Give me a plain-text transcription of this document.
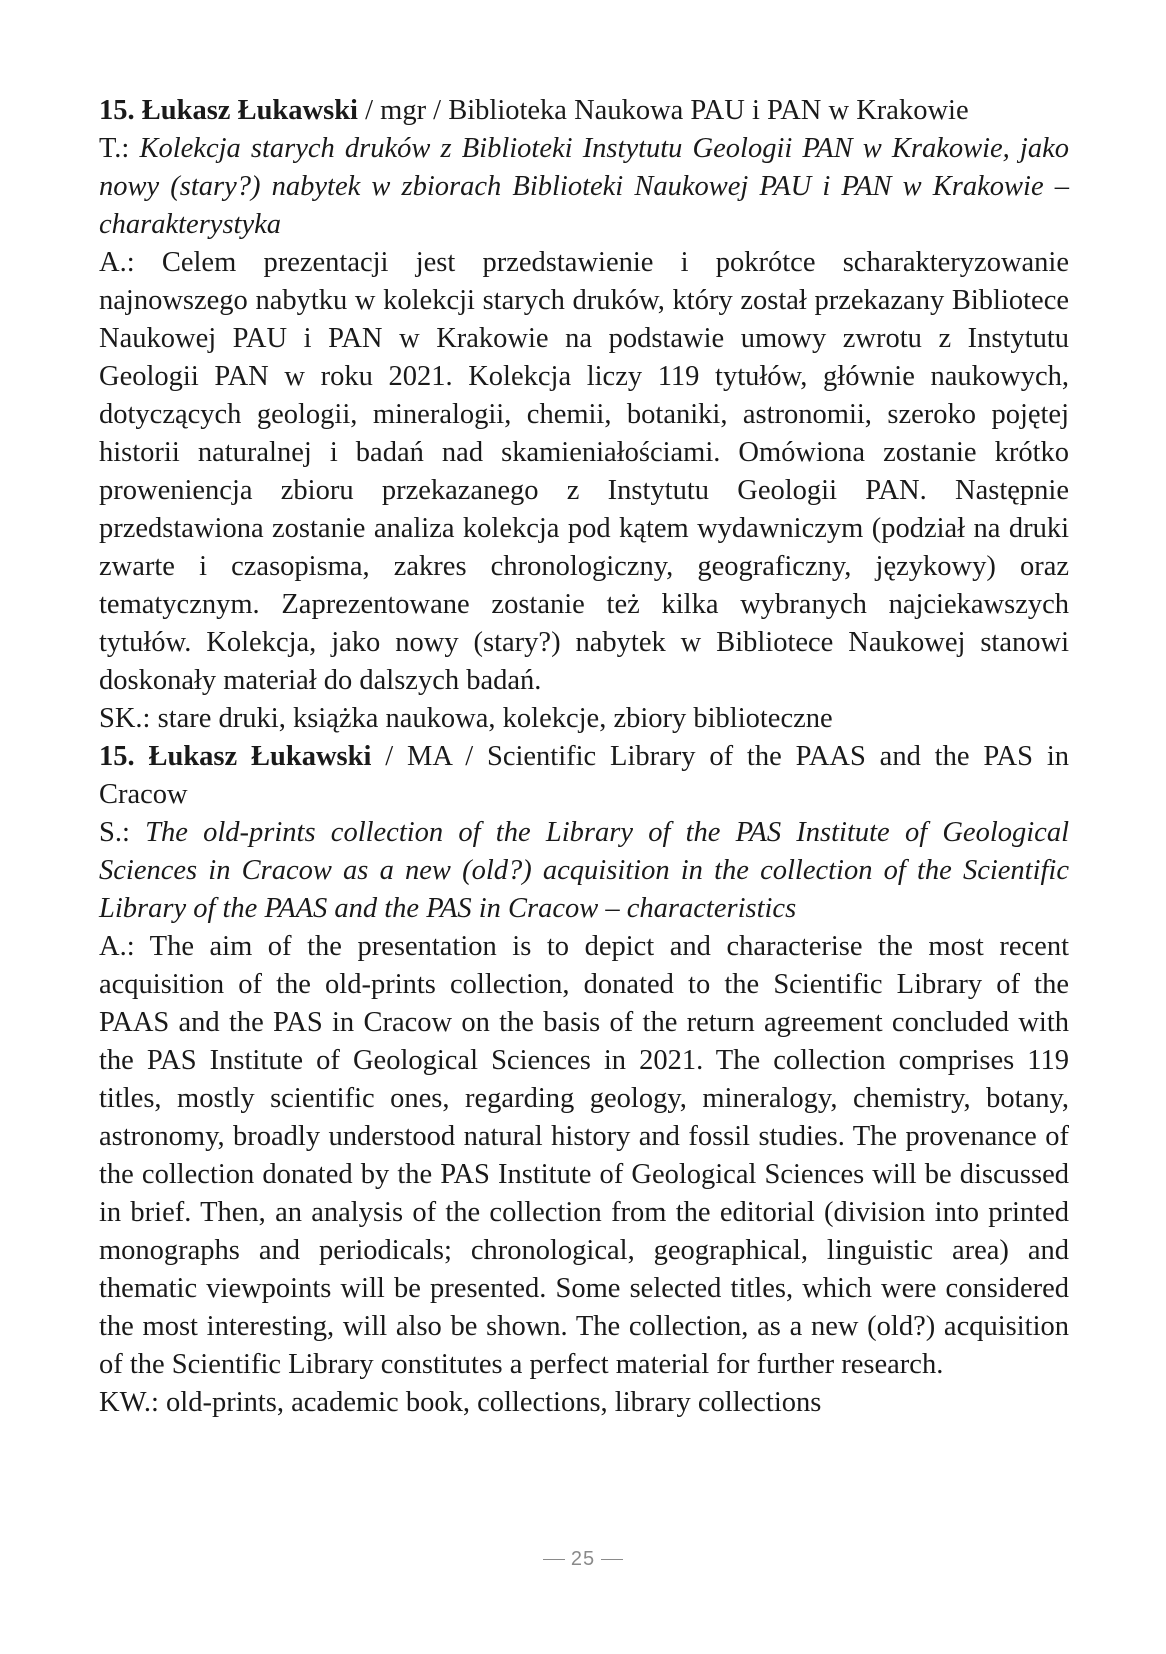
15. Łukasz Łukawski / mgr / Biblioteka Naukowa PAU i PAN w Krakowie

T.: Kolekcja starych druków z Biblioteki Instytutu Geologii PAN w Krakowie, jako nowy (stary?) nabytek w zbiorach Biblioteki Naukowej PAU i PAN w Krakowie – charakterystyka

A.: Celem prezentacji jest przedstawienie i pokrótce scharakteryzowanie najnowszego nabytku w kolekcji starych druków, który został przekazany Bibliotece Naukowej PAU i PAN w Krakowie na podstawie umowy zwrotu z Instytutu Geologii PAN w roku 2021. Kolekcja liczy 119 tytułów, głównie naukowych, dotyczących geologii, mineralogii, chemii, botaniki, astronomii, szeroko pojętej historii naturalnej i badań nad skamieniałościami. Omówiona zostanie krótko proweniencja zbioru przekazanego z Instytutu Geologii PAN. Następnie przedstawiona zostanie analiza kolekcja pod kątem wydawniczym (podział na druki zwarte i czasopisma, zakres chronologiczny, geograficzny, językowy) oraz tematycznym. Zaprezentowane zostanie też kilka wybranych najciekawszych tytułów. Kolekcja, jako nowy (stary?) nabytek w Bibliotece Naukowej stanowi doskonały materiał do dalszych badań.

SK.: stare druki, książka naukowa, kolekcje, zbiory biblioteczne

15. Łukasz Łukawski / MA / Scientific Library of the PAAS and the PAS in Cracow

S.: The old-prints collection of the Library of the PAS Institute of Geological Sciences in Cracow as a new (old?) acquisition in the collection of the Scientific Library of the PAAS and the PAS in Cracow – characteristics

A.: The aim of the presentation is to depict and characterise the most recent acquisition of the old-prints collection, donated to the Scientific Library of the PAAS and the PAS in Cracow on the basis of the return agreement concluded with the PAS Institute of Geological Sciences in 2021. The collection comprises 119 titles, mostly scientific ones, regarding geology, mineralogy, chemistry, botany, astronomy, broadly understood natural history and fossil studies. The provenance of the collection donated by the PAS Institute of Geological Sciences will be discussed in brief. Then, an analysis of the collection from the editorial (division into printed monographs and periodicals; chronological, geographical, linguistic area) and thematic viewpoints will be presented. Some selected titles, which were considered the most interesting, will also be shown. The collection, as a new (old?) acquisition of the Scientific Library constitutes a perfect material for further research.

KW.: old-prints, academic book, collections, library collections

25
